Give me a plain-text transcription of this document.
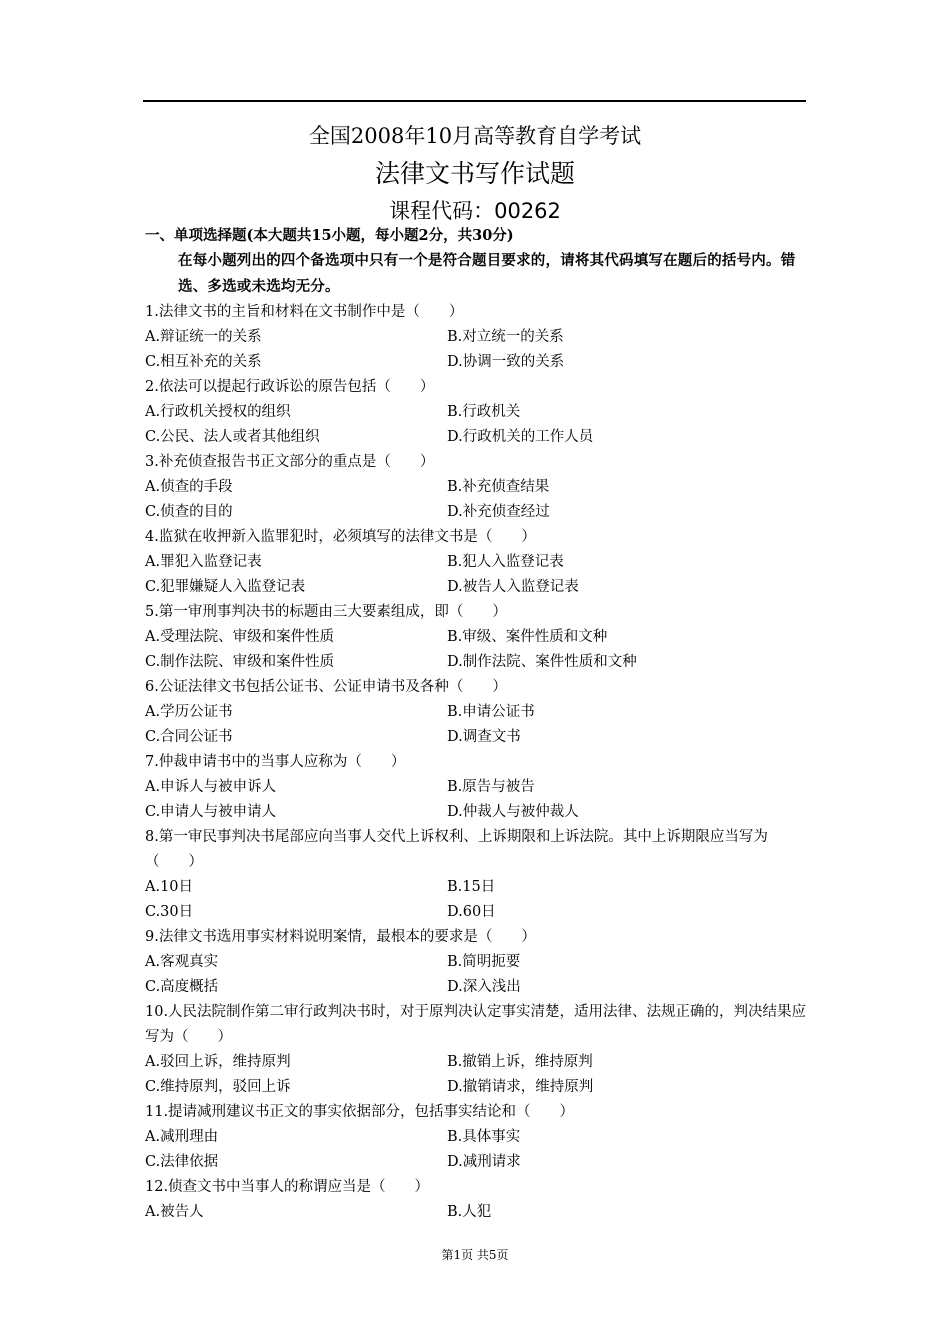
全国2008年10月高等教育自学考试
法律文书写作试题
课程代码：00262
一、单项选择题(本大题共15小题，每小题2分，共30分)
在每小题列出的四个备选项中只有一个是符合题目要求的，请将其代码填写在题后的括号内。错选、多选或未选均无分。
1.法律文书的主旨和材料在文书制作中是（　　）
A.辩证统一的关系	B.对立统一的关系
C.相互补充的关系	D.协调一致的关系
2.依法可以提起行政诉讼的原告包括（　　）
A.行政机关授权的组织	B.行政机关
C.公民、法人或者其他组织	D.行政机关的工作人员
3.补充侦查报告书正文部分的重点是（　　）
A.侦查的手段	B.补充侦查结果
C.侦查的目的	D.补充侦查经过
4.监狱在收押新入监罪犯时，必须填写的法律文书是（　　）
A.罪犯入监登记表	B.犯人入监登记表
C.犯罪嫌疑人入监登记表	D.被告人入监登记表
5.第一审刑事判决书的标题由三大要素组成，即（　　）
A.受理法院、审级和案件性质	B.审级、案件性质和文种
C.制作法院、审级和案件性质	D.制作法院、案件性质和文种
6.公证法律文书包括公证书、公证申请书及各种（　　）
A.学历公证书	B.申请公证书
C.合同公证书	D.调查文书
7.仲裁申请书中的当事人应称为（　　）
A.申诉人与被申诉人	B.原告与被告
C.申请人与被申请人	D.仲裁人与被仲裁人
8.第一审民事判决书尾部应向当事人交代上诉权利、上诉期限和上诉法院。其中上诉期限应当写为（　　）
A.10日	B.15日
C.30日	D.60日
9.法律文书选用事实材料说明案情，最根本的要求是（　　）
A.客观真实	B.简明扼要
C.高度概括	D.深入浅出
10.人民法院制作第二审行政判决书时，对于原判决认定事实清楚，适用法律、法规正确的，判决结果应写为（　　）
A.驳回上诉，维持原判	B.撤销上诉，维持原判
C.维持原判，驳回上诉	D.撤销请求，维持原判
11.提请减刑建议书正文的事实依据部分，包括事实结论和（　　）
A.减刑理由	B.具体事实
C.法律依据	D.减刑请求
12.侦查文书中当事人的称谓应当是（　　）
A.被告人	B.人犯
第1页 共5页
